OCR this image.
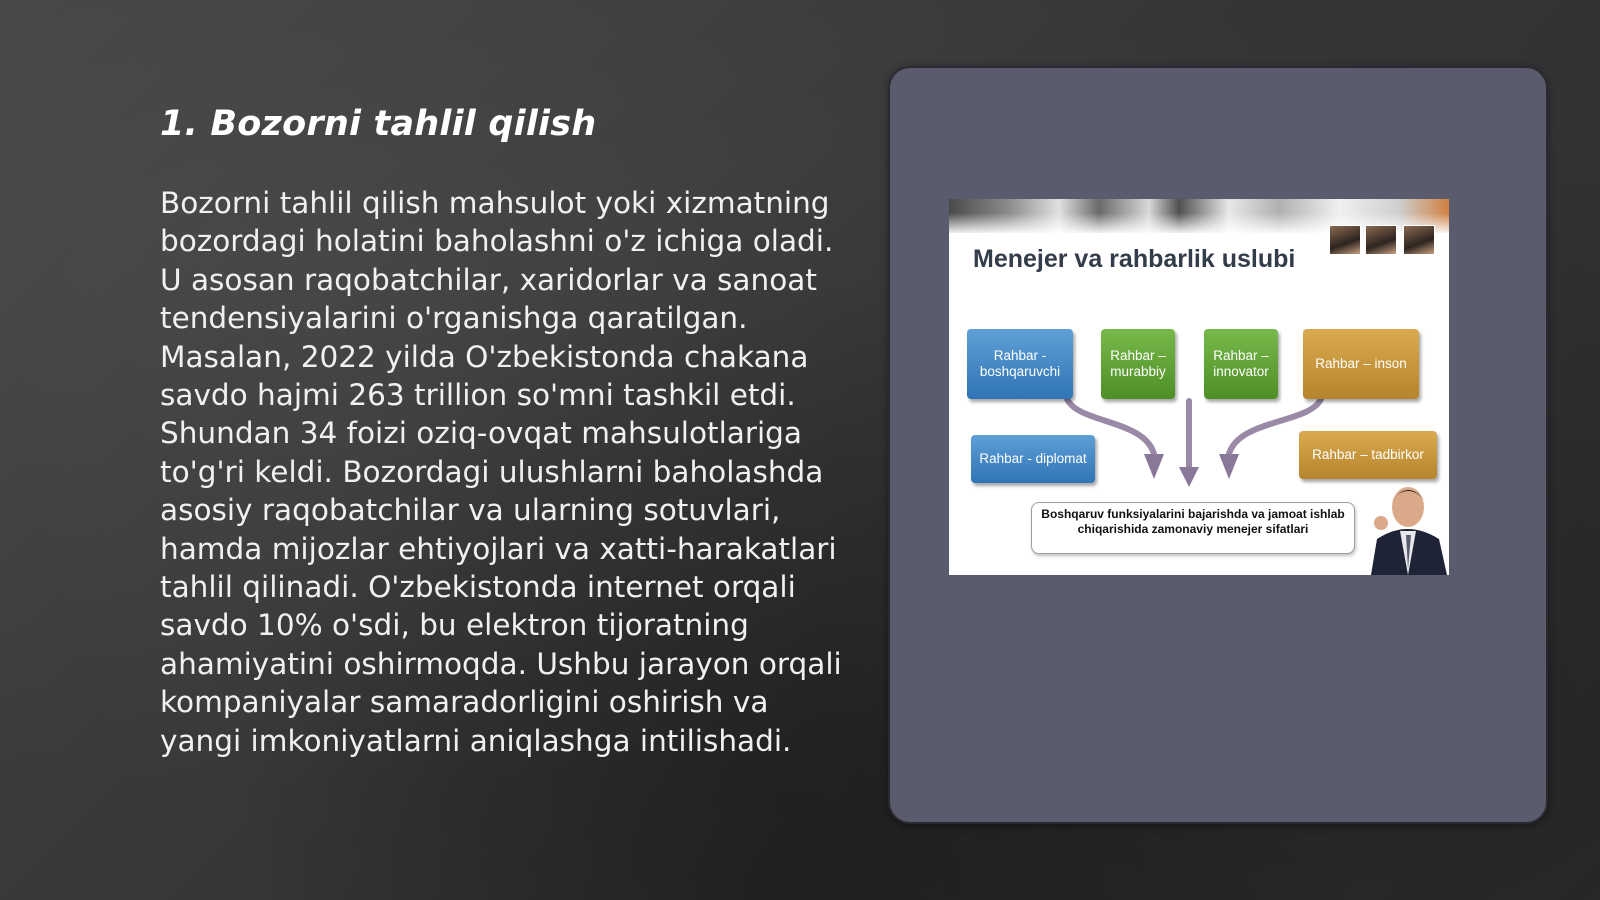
1. Bozorni tahlil qilish

Bozorni tahlil qilish mahsulot yoki xizmatning bozordagi holatini baholashni o'z ichiga oladi. U asosan raqobatchilar, xaridorlar va sanoat tendensiyalarini o'rganishga qaratilgan. Masalan, 2022 yilda O'zbekistonda chakana savdo hajmi 263 trillion so'mni tashkil etdi. Shundan 34 foizi oziq-ovqat mahsulotlariga to'g'ri keldi. Bozordagi ulushlarni baholashda asosiy raqobatchilar va ularning sotuvlari, hamda mijozlar ehtiyojlari va xatti-harakatlari tahlil qilinadi. O'zbekistonda internet orqali savdo 10% o'sdi, bu elektron tijoratning ahamiyatini oshirmoqda. Ushbu jarayon orqali kompaniyalar samaradorligini oshirish va yangi imkoniyatlarni aniqlashga intilishadi.

Menejer va rahbarlik uslubi
Rahbar - boshqaruvchi
Rahbar – murabbiy
Rahbar – innovator
Rahbar – inson
Rahbar - diplomat	Rahbar – tadbirkor
Boshqaruv funksiyalarini bajarishda va jamoat ishlab chiqarishida zamonaviy menejer sifatlari
